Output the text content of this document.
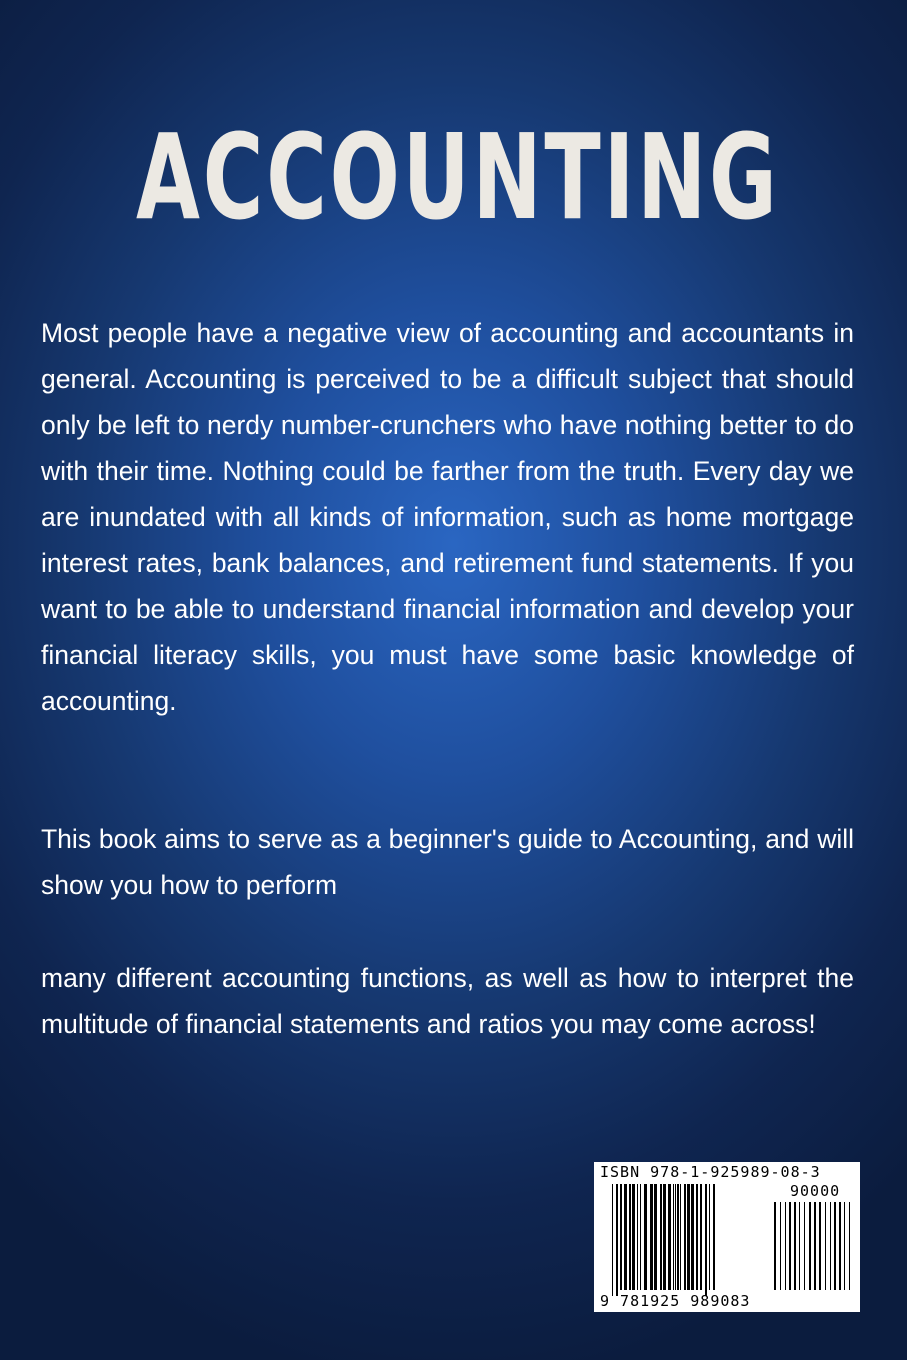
ACCOUNTING

Most people have a negative view of accounting and accountants in general. Accounting is perceived to be a difficult subject that should only be left to nerdy number-crunchers who have nothing better to do with their time. Nothing could be farther from the truth. Every day we are inundated with all kinds of information, such as home mortgage interest rates, bank balances, and retirement fund statements. If you want to be able to understand financial information and develop your financial literacy skills, you must have some basic knowledge of accounting.

This book aims to serve as a beginner's guide to Accounting, and will show you how to perform

many different accounting functions, as well as how to interpret the multitude of financial statements and ratios you may come across!

ISBN 978-1-925989-08-3
90000
9 781925 989083
